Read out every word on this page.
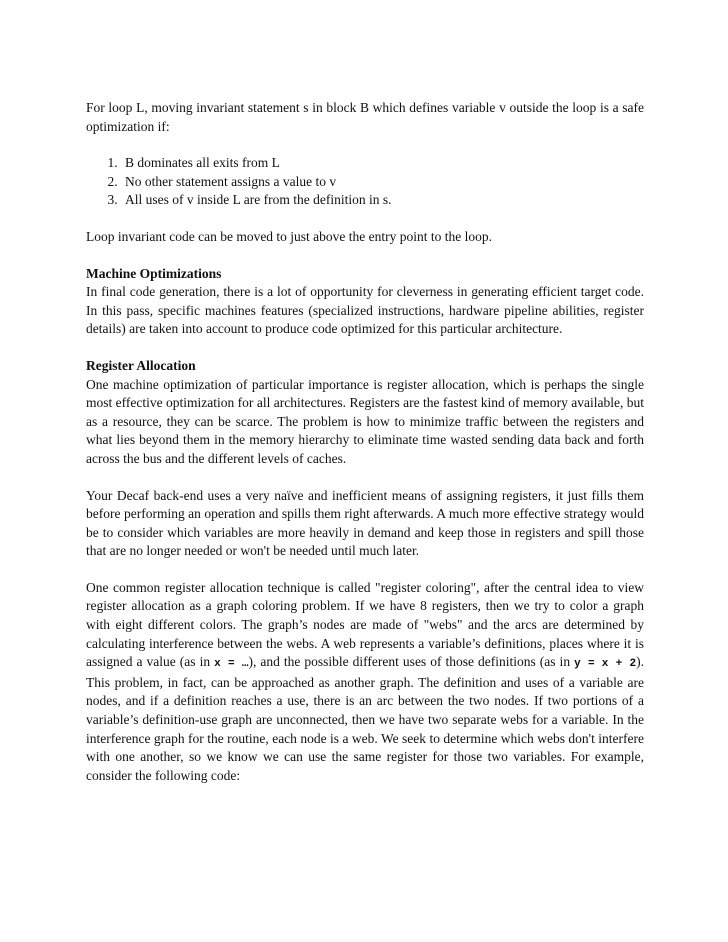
For loop L, moving invariant statement s in block B which defines variable v outside the loop is a safe optimization if:

1. B dominates all exits from L
2. No other statement assigns a value to v
3. All uses of v inside L are from the definition in s.

Loop invariant code can be moved to just above the entry point to the loop.

Machine Optimizations

In final code generation, there is a lot of opportunity for cleverness in generating efficient target code. In this pass, specific machines features (specialized instructions, hardware pipeline abilities, register details) are taken into account to produce code optimized for this particular architecture.

Register Allocation

One machine optimization of particular importance is register allocation, which is perhaps the single most effective optimization for all architectures. Registers are the fastest kind of memory available, but as a resource, they can be scarce. The problem is how to minimize traffic between the registers and what lies beyond them in the memory hierarchy to eliminate time wasted sending data back and forth across the bus and the different levels of caches.

Your Decaf back-end uses a very naïve and inefficient means of assigning registers, it just fills them before performing an operation and spills them right afterwards. A much more effective strategy would be to consider which variables are more heavily in demand and keep those in registers and spill those that are no longer needed or won't be needed until much later.

One common register allocation technique is called "register coloring", after the central idea to view register allocation as a graph coloring problem. If we have 8 registers, then we try to color a graph with eight different colors. The graph’s nodes are made of "webs" and the arcs are determined by calculating interference between the webs. A web represents a variable’s definitions, places where it is assigned a value (as in x = …), and the possible different uses of those definitions (as in y = x + 2). This problem, in fact, can be approached as another graph. The definition and uses of a variable are nodes, and if a definition reaches a use, there is an arc between the two nodes. If two portions of a variable’s definition-use graph are unconnected, then we have two separate webs for a variable. In the interference graph for the routine, each node is a web. We seek to determine which webs don't interfere with one another, so we know we can use the same register for those two variables. For example, consider the following code:
